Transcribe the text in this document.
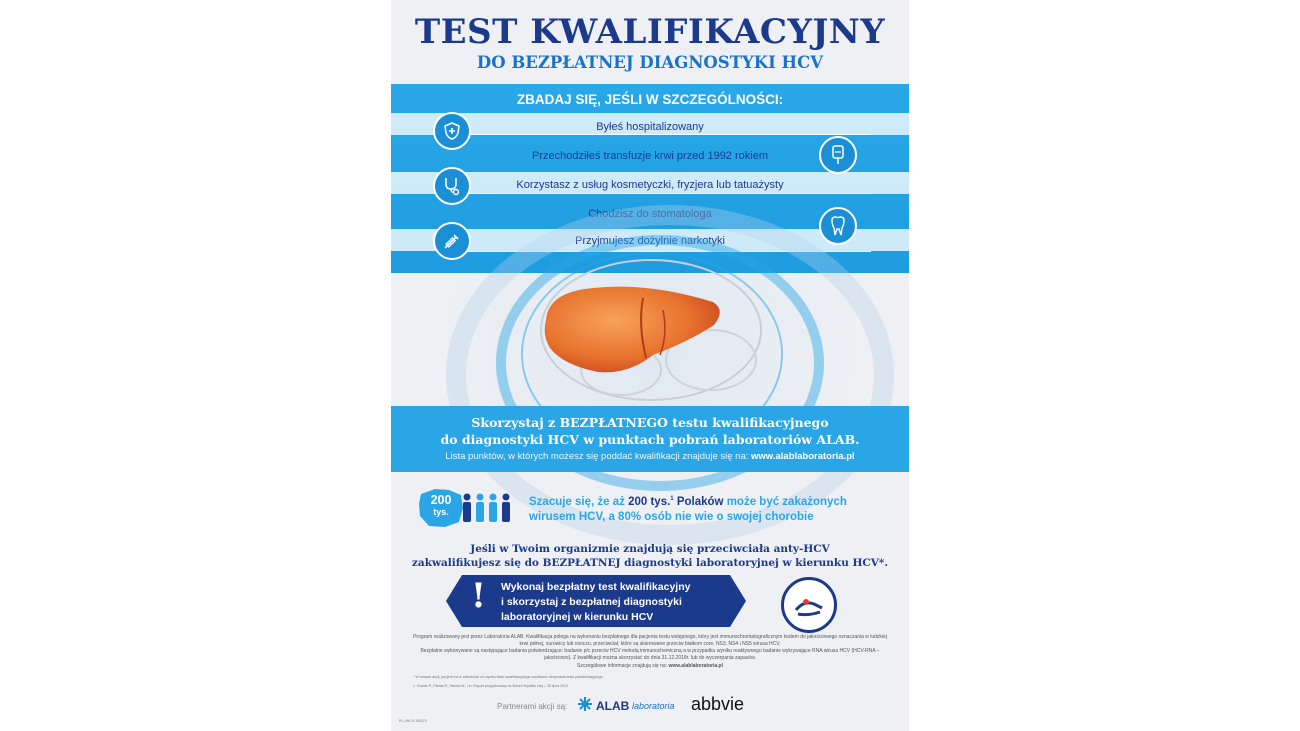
TEST KWALIFIKACYJNY
DO BEZPŁATNEJ DIAGNOSTYKI HCV
ZBADAJ SIĘ, JEŚLI W SZCZEGÓLNOŚCI:
Byłeś hospitalizowany
Przechodziłeś transfuzje krwi przed 1992 rokiem
Korzystasz z usług kosmetyczki, fryzjera lub tatuażysty
Chodzisz do stomatologa
Przyjmujesz dożylnie narkotyki
Skorzystaj z BEZPŁATNEGO testu kwalifikacyjnego
do diagnostyki HCV w punktach pobrań laboratoriów ALAB.
Lista punktów, w których możesz się poddać kwalifikacji znajduje się na: www.alablaboratoria.pl
200
tys.
Szacuje się, że aż 200 tys.$^1$ Polaków może być zakażonych
wirusem HCV, a 80% osób nie wie o swojej chorobie
Jeśli w Twoim organizmie znajdują się przeciwciała anty-HCV
zakwalifikujesz się do BEZPŁATNEJ diagnostyki laboratoryjnej w kierunku HCV*.
! Wykonaj bezpłatny test kwalifikacyjny
i skorzystaj z bezpłatnej diagnostyki
laboratoryjnej w kierunku HCV
Program realizowany jest przez Laboratoria ALAB. Kwalifikacja polega na wykonaniu bezpłatnego dla pacjenta testu wstępnego, który jest immunochromatograficznym testem do jakościowego oznaczania w ludzkiej krwi pełnej, surowicy lub osoczu, przeciwciał, które są skierowane przeciw białkom core, NS3, NS4 i NS5 wirusa HCV.
Bezpłatne wykonywane są następujące badania potwierdzające: badanie p/c przeciw HCV metodą immunochemiczną a w przypadku wyniku reaktywnego badanie wykrywające RNA wirusa HCV (HCV-RNA – jakościowo). Z kwalifikacji można skorzystać do dnia 31.12.2018r. lub do wyczerpania zapasów.
Szczegółowe informacje znajdują się na: www.alablaboratoria.pl
* W ramach akcji, pacjent ma w zależności od wyniku testu kwalifikacyjnego możliwość otrzymania testu potwierdzającego.
1. Godzik P., Flisiak R., Halota W., i in. Raport przygotowany na World Hepatitis Day – 28 lipca 2019
Partnerami akcji są: ALAB laboratoria abbvie
PL-VHCV-190023
